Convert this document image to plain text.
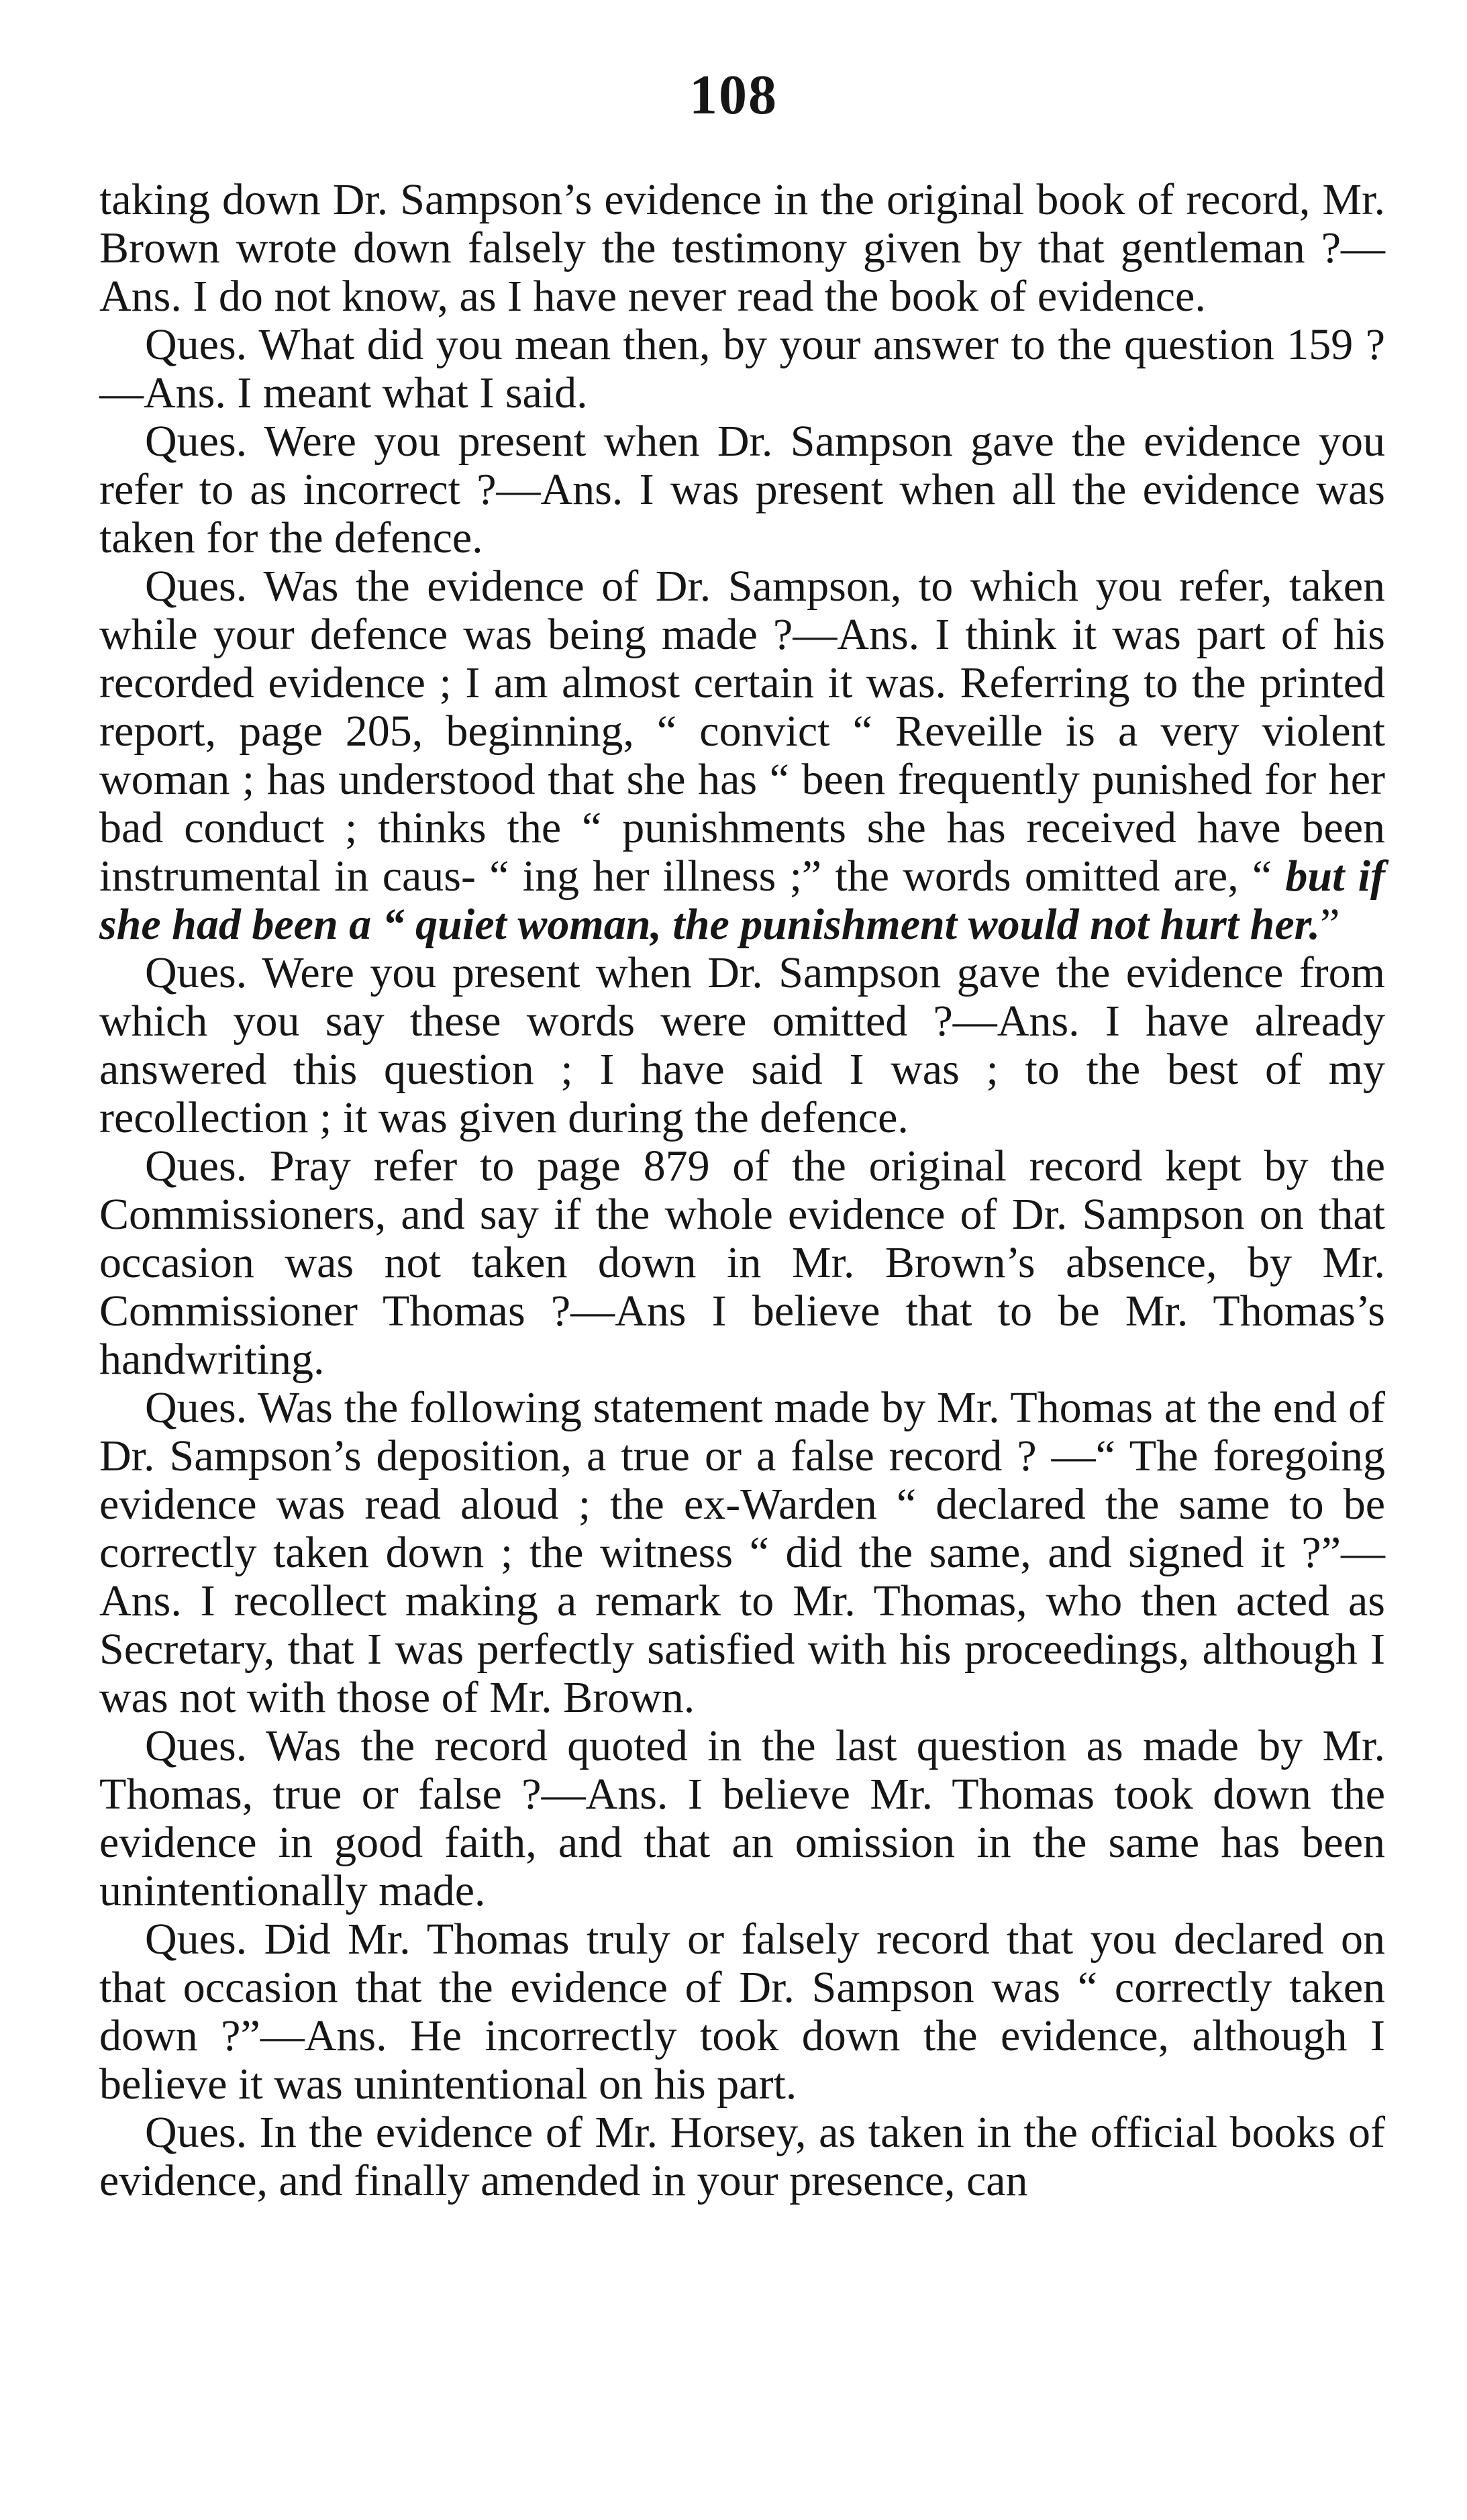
108

taking down Dr. Sampson’s evidence in the original book of record, Mr. Brown wrote down falsely the testimony given by that gentleman ?—Ans. I do not know, as I have never read the book of evidence.

Ques. What did you mean then, by your answer to the question 159 ?—Ans. I meant what I said.

Ques. Were you present when Dr. Sampson gave the evidence you refer to as incorrect ?—Ans. I was present when all the evidence was taken for the defence.

Ques. Was the evidence of Dr. Sampson, to which you refer, taken while your defence was being made ?—Ans. I think it was part of his recorded evidence ; I am almost certain it was. Referring to the printed report, page 205, beginning, “ convict “ Reveille is a very violent woman ; has understood that she has “ been frequently punished for her bad conduct ; thinks the “ punishments she has received have been instrumental in caus- “ ing her illness ;” the words omitted are, “ but if she had been a “ quiet woman, the punishment would not hurt her.”

Ques. Were you present when Dr. Sampson gave the evidence from which you say these words were omitted ?—Ans. I have already answered this question ; I have said I was ; to the best of my recollection ; it was given during the defence.

Ques. Pray refer to page 879 of the original record kept by the Commissioners, and say if the whole evidence of Dr. Sampson on that occasion was not taken down in Mr. Brown’s absence, by Mr. Commissioner Thomas ?—Ans I believe that to be Mr. Thomas’s handwriting.

Ques. Was the following statement made by Mr. Thomas at the end of Dr. Sampson’s deposition, a true or a false record ? —“ The foregoing evidence was read aloud ; the ex-Warden “ declared the same to be correctly taken down ; the witness “ did the same, and signed it ?”—Ans. I recollect making a remark to Mr. Thomas, who then acted as Secretary, that I was perfectly satisfied with his proceedings, although I was not with those of Mr. Brown.

Ques. Was the record quoted in the last question as made by Mr. Thomas, true or false ?—Ans. I believe Mr. Thomas took down the evidence in good faith, and that an omission in the same has been unintentionally made.

Ques. Did Mr. Thomas truly or falsely record that you declared on that occasion that the evidence of Dr. Sampson was “ correctly taken down ?”—Ans. He incorrectly took down the evidence, although I believe it was unintentional on his part.

Ques. In the evidence of Mr. Horsey, as taken in the official books of evidence, and finally amended in your presence, can
